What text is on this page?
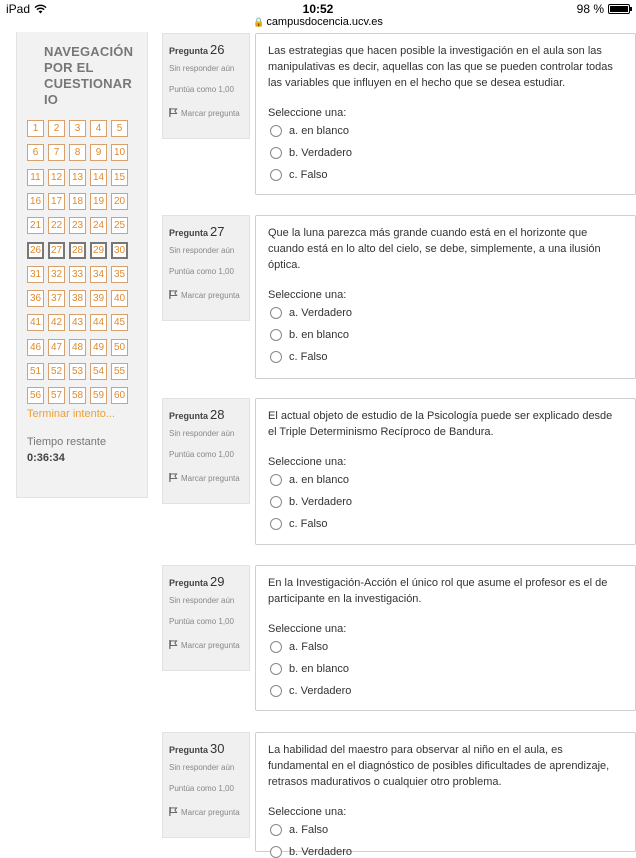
iPad	10:52	98 %
🔒 campusdocencia.ucv.es
NAVEGACIÓN
POR EL
CUESTIONAR
IO
1	2	3	4	5
6	7	8	9	10
11	12 13 14 15
16 17 18 19 20
21 22 23 24 25
26 27 28 29 30
31 32 33 34 35
36 37 38 39 40
41 42 43 44 45
46 47 48 49 50
51 52 53 54 55
56 57 58 59 60
Terminar intento...
Tiempo restante
0:36:34
Pregunta 26
Sin responder aún
Puntúa como 1,00
Marcar pregunta
Las estrategias que hacen posible la investigación en el aula son las manipulativas es decir, aquellas con las que se pueden controlar todas las variables que influyen en el hecho que se desea estudiar.
Seleccione una:
a. en blanco
b. Verdadero
c. Falso
Pregunta 27
Sin responder aún
Puntúa como 1,00
Marcar pregunta
Que la luna parezca más grande cuando está en el horizonte que cuando está en lo alto del cielo, se debe, simplemente, a una ilusión óptica.
Seleccione una:
a. Verdadero
b. en blanco
c. Falso
Pregunta 28
Sin responder aún
Puntúa como 1,00
Marcar pregunta
El actual objeto de estudio de la Psicología puede ser explicado desde el Triple Determinismo Recíproco de Bandura.
Seleccione una:
a. en blanco
b. Verdadero
c. Falso
Pregunta 29
Sin responder aún
Puntúa como 1,00
Marcar pregunta
En la Investigación-Acción el único rol que asume el profesor es el de participante en la investigación.
Seleccione una:
a. Falso
b. en blanco
c. Verdadero
Pregunta 30
Sin responder aún
Puntúa como 1,00
Marcar pregunta
La habilidad del maestro para observar al niño en el aula, es fundamental en el diagnóstico de posibles dificultades de aprendizaje, retrasos madurativos o cualquier otro problema.
Seleccione una:
a. Falso
b. Verdadero
